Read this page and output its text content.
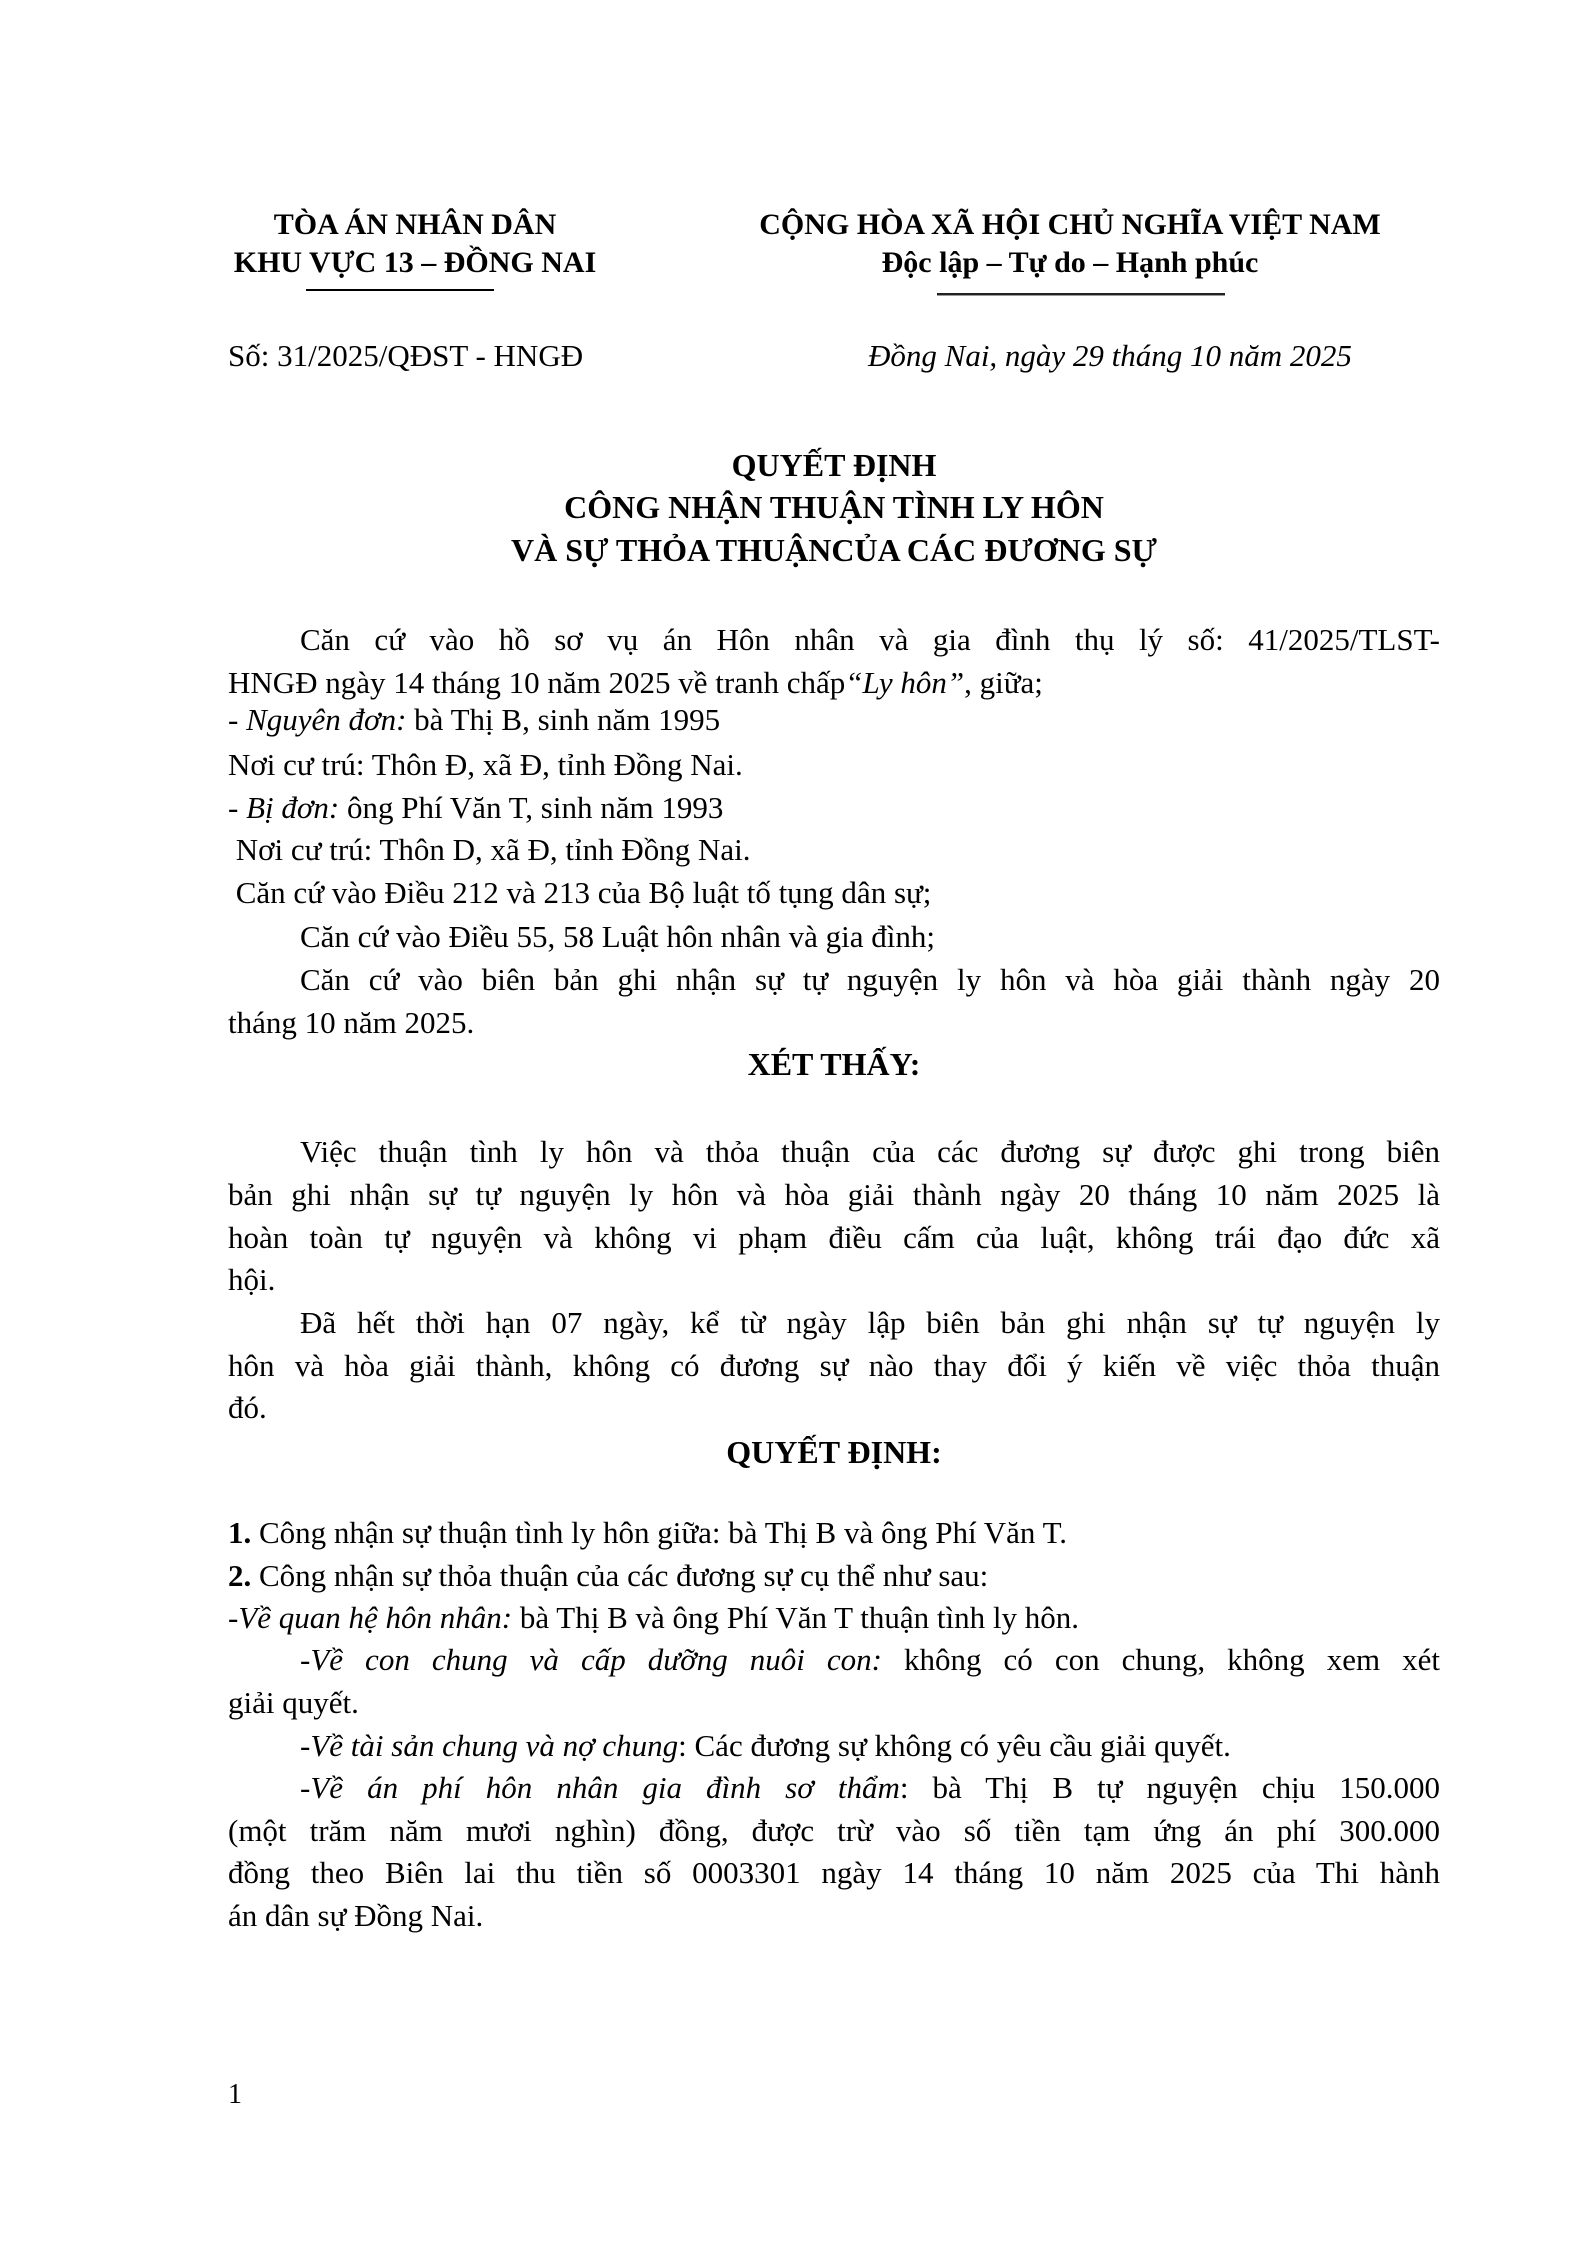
TÒA ÁN NHÂN DÂN
KHU VỰC 13 – ĐỒNG NAI
CỘNG HÒA XÃ HỘI CHỦ NGHĨA VIỆT NAM
Độc lập – Tự do – Hạnh phúc
Số: 31/2025/QĐST - HNGĐ	Đồng Nai, ngày 29 tháng 10 năm 2025
QUYẾT ĐỊNH
CÔNG NHẬN THUẬN TÌNH LY HÔN
VÀ SỰ THỎA THUẬNCỦA CÁC ĐƯƠNG SỰ
Căn cứ vào hồ sơ vụ án Hôn nhân và gia đình thụ lý số: 41/2025/TLST-
HNGĐ ngày 14 tháng 10 năm 2025 về tranh chấp“Ly hôn”, giữa;
- Nguyên đơn: bà Thị B, sinh năm 1995
Nơi cư trú: Thôn Đ, xã Đ, tỉnh Đồng Nai.
- Bị đơn: ông Phí Văn T, sinh năm 1993
Nơi cư trú: Thôn D, xã Đ, tỉnh Đồng Nai.
Căn cứ vào Điều 212 và 213 của Bộ luật tố tụng dân sự;
Căn cứ vào Điều 55, 58 Luật hôn nhân và gia đình;
Căn cứ vào biên bản ghi nhận sự tự nguyện ly hôn và hòa giải thành ngày 20
tháng 10 năm 2025.
XÉT THẤY:
Việc thuận tình ly hôn và thỏa thuận của các đương sự được ghi trong biên
bản ghi nhận sự tự nguyện ly hôn và hòa giải thành ngày 20 tháng 10 năm 2025 là
hoàn toàn tự nguyện và không vi phạm điều cấm của luật, không trái đạo đức xã
hội.
Đã hết thời hạn 07 ngày, kể từ ngày lập biên bản ghi nhận sự tự nguyện ly
hôn và hòa giải thành, không có đương sự nào thay đổi ý kiến về việc thỏa thuận
đó.
QUYẾT ĐỊNH:
1. Công nhận sự thuận tình ly hôn giữa: bà Thị B và ông Phí Văn T.
2. Công nhận sự thỏa thuận của các đương sự cụ thể như sau:
-Về quan hệ hôn nhân: bà Thị B và ông Phí Văn T thuận tình ly hôn.
-Về con chung và cấp dưỡng nuôi con: không có con chung, không xem xét
giải quyết.
-Về tài sản chung và nợ chung: Các đương sự không có yêu cầu giải quyết.
-Về án phí hôn nhân gia đình sơ thẩm: bà Thị B tự nguyện chịu 150.000
(một trăm năm mươi nghìn) đồng, được trừ vào số tiền tạm ứng án phí 300.000
đồng theo Biên lai thu tiền số 0003301 ngày 14 tháng 10 năm 2025 của Thi hành
án dân sự Đồng Nai.
1
